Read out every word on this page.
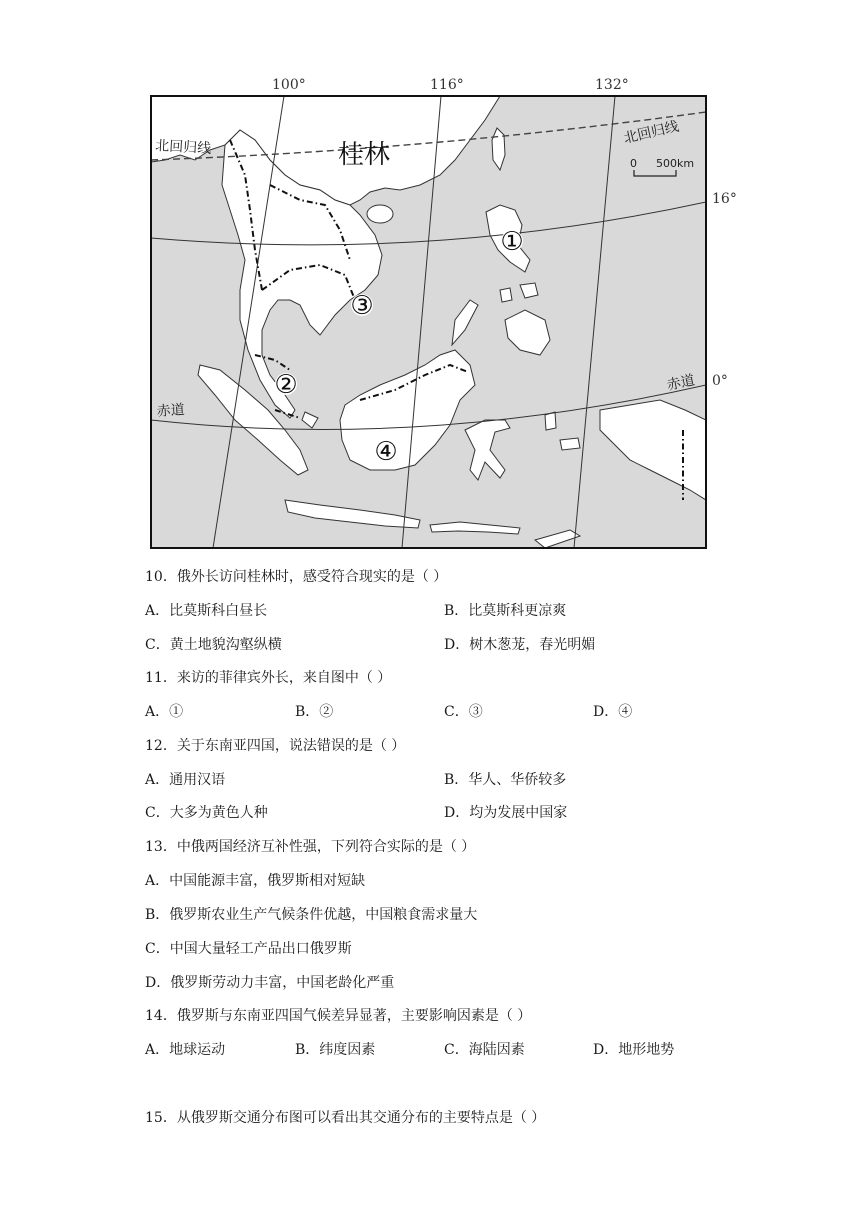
100°	116°	132°
16°
0°
桂林
北回归线
北回归线
赤道
赤道
0 500km
①
②
③
④
10．俄外长访问桂林时，感受符合现实的是（ ）
A．比莫斯科白昼长	B．比莫斯科更凉爽
C．黄土地貌沟壑纵横	D．树木葱茏，春光明媚
11．来访的菲律宾外长，来自图中（ ）
A．①	B．②	C．③	D．④
12．关于东南亚四国，说法错误的是（ ）
A．通用汉语	B．华人、华侨较多
C．大多为黄色人种	D．均为发展中国家
13．中俄两国经济互补性强，下列符合实际的是（ ）
A．中国能源丰富，俄罗斯相对短缺
B．俄罗斯农业生产气候条件优越，中国粮食需求量大
C．中国大量轻工产品出口俄罗斯
D．俄罗斯劳动力丰富，中国老龄化严重
14．俄罗斯与东南亚四国气候差异显著，主要影响因素是（ ）
A．地球运动	B．纬度因素	C．海陆因素	D．地形地势
15．从俄罗斯交通分布图可以看出其交通分布的主要特点是（ ）
